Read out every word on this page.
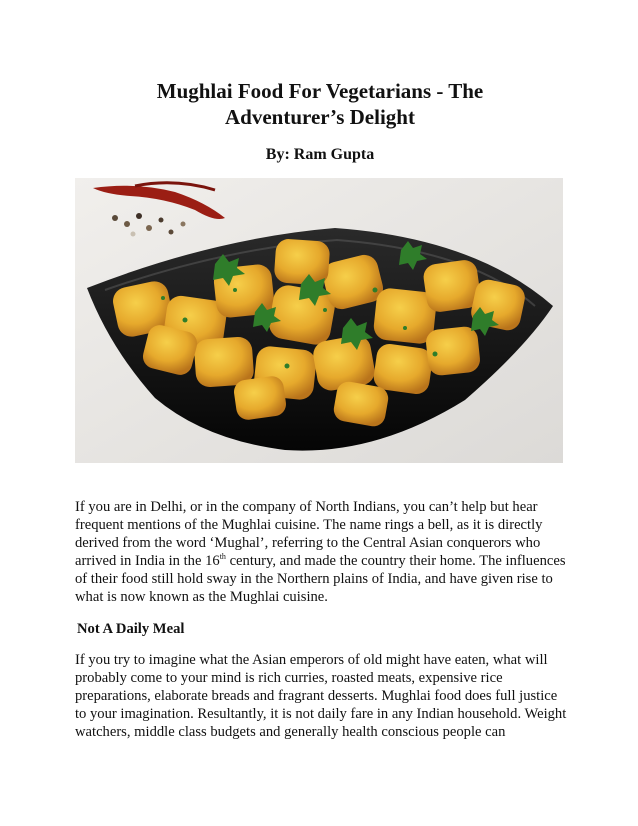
Mughlai Food For Vegetarians - The
Adventurer’s Delight

By: Ram Gupta

If you are in Delhi, or in the company of North Indians, you can’t help but hear frequent mentions of the Mughlai cuisine. The name rings a bell, as it is directly derived from the word ‘Mughal’, referring to the Central Asian conquerors who arrived in India in the 16th century, and made the country their home. The influences of their food still hold sway in the Northern plains of India, and have given rise to what is now known as the Mughlai cuisine.

Not A Daily Meal

If you try to imagine what the Asian emperors of old might have eaten, what will probably come to your mind is rich curries, roasted meats, expensive rice preparations, elaborate breads and fragrant desserts. Mughlai food does full justice to your imagination. Resultantly, it is not daily fare in any Indian household. Weight watchers, middle class budgets and generally health conscious people can
